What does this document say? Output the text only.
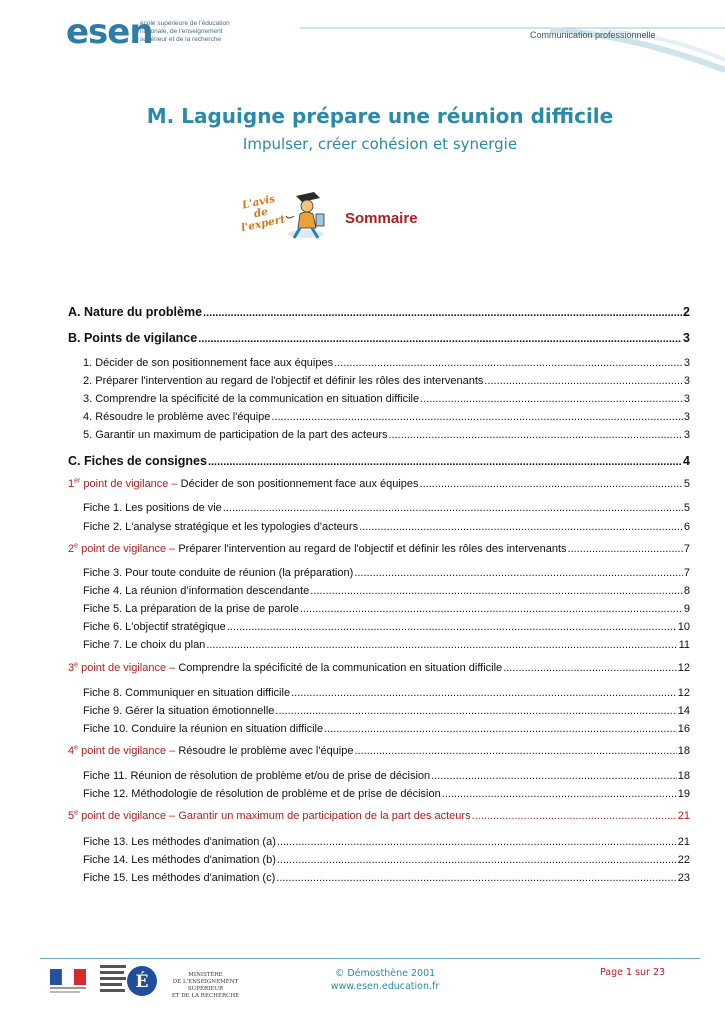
esen
école supérieure de l'éducation
nationale, de l'enseignement
supérieur et de la recherche	Communication professionnelle
M. Laguigne prépare une réunion difficile
Impulser, créer cohésion et synergie
L'avis de l'expert	Sommaire
A. Nature du problème .....	2
B. Points de vigilance .....	3
1. Décider de son positionnement face aux équipes .....	3
2. Préparer l'intervention au regard de l'objectif et définir les rôles des intervenants .....	3
3. Comprendre la spécificité de la communication en situation difficile .....	3
4. Résoudre le problème avec l'équipe .....	3
5. Garantir un maximum de participation de la part des acteurs .....	3
C. Fiches de consignes .....	4
1er point de vigilance – Décider de son positionnement face aux équipes .....	5
Fiche 1. Les positions de vie .....	5
Fiche 2. L'analyse stratégique et les typologies d'acteurs .....	6
2e point de vigilance – Préparer l'intervention au regard de l'objectif et définir les rôles des intervenants .....	7
Fiche 3. Pour toute conduite de réunion (la préparation) .....	7
Fiche 4. La réunion d’information descendante .....	8
Fiche 5. La préparation de la prise de parole .....	9
Fiche 6. L'objectif stratégique .....	10
Fiche 7. Le choix du plan .....	11
3e point de vigilance – Comprendre la spécificité de la communication en situation difficile .....	12
Fiche 8. Communiquer en situation difficile .....	12
Fiche 9. Gérer la situation émotionnelle .....	14
Fiche 10. Conduire la réunion en situation difficile .....	16
4e point de vigilance – Résoudre le problème avec l'équipe .....	18
Fiche 11. Réunion de résolution de problème et/ou de prise de décision .....	18
Fiche 12. Méthodologie de résolution de problème et de prise de décision .....	19
5e point de vigilance – Garantir un maximum de participation de la part des acteurs .....	21
Fiche 13. Les méthodes d'animation (a) .....	21
Fiche 14. Les méthodes d'animation (b) .....	22
Fiche 15. Les méthodes d'animation (c) .....	23
É	MINISTÈRE
DE L'ENSEIGNEMENT SUPÉRIEUR
ET DE LA RECHERCHE
© Démosthène 2001
www.esen.education.fr
Page 1 sur 23
